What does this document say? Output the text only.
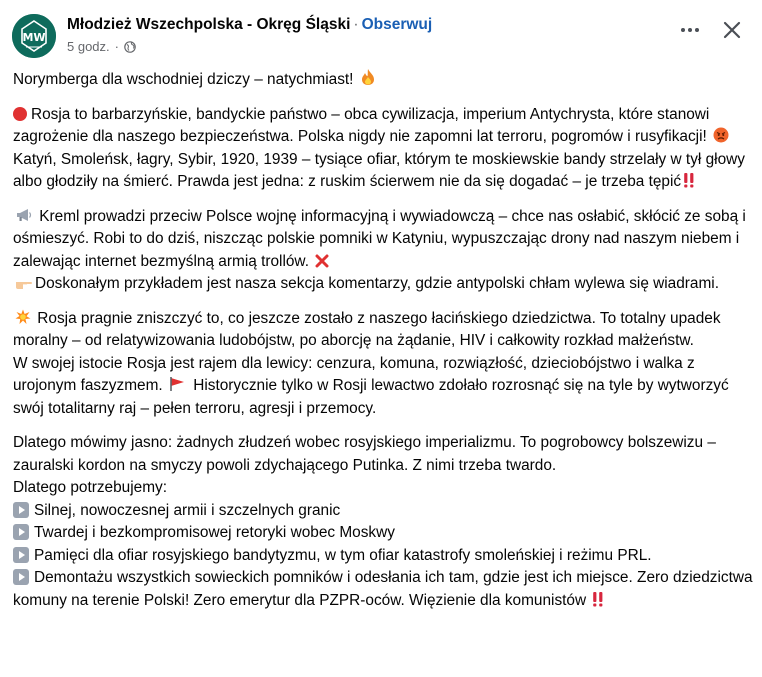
MW
Młodzież Wszechpolska - Okręg Śląski · Obserwuj
5 godz. ·

Norymberga dla wschodniej dziczy – natychmiast!

Rosja to barbarzyńskie, bandyckie państwo – obca cywilizacja, imperium Antychrysta, które stanowi zagrożenie dla naszego bezpieczeństwa. Polska nigdy nie zapomni lat terroru, pogromów i rusyfikacji!  Katyń, Smoleńsk, łagry, Sybir, 1920, 1939 – tysiące ofiar, którym te moskiewskie bandy strzelały w tył głowy albo głodziły na śmierć. Prawda jest jedna: z ruskim ścierwem nie da się dogadać – je trzeba tępić

Kreml prowadzi przeciw Polsce wojnę informacyjną i wywiadowczą – chce nas osłabić, skłócić ze sobą i ośmieszyć. Robi to do dziś, niszcząc polskie pomniki w Katyniu, wypuszczając drony nad naszym niebem i zalewając internet bezmyślną armią trollów.

Doskonałym przykładem jest nasza sekcja komentarzy, gdzie antypolski chłam wylewa się wiadrami.

Rosja pragnie zniszczyć to, co jeszcze zostało z naszego łacińskiego dziedzictwa. To totalny upadek moralny – od relatywizowania ludobójstw, po aborcję na żądanie, HIV i całkowity rozkład małżeństw.
W swojej istocie Rosja jest rajem dla lewicy: cenzura, komuna, rozwiązłość, dzieciobójstwo i walka z urojonym faszyzmem. Historycznie tylko w Rosji lewactwo zdołało rozrosnąć się na tyle by wytworzyć swój totalitarny raj – pełen terroru, agresji i przemocy.

Dlatego mówimy jasno: żadnych złudzeń wobec rosyjskiego imperializmu. To pogrobowcy bolszewizu – zauralski kordon na smyczy powoli zdychającego Putinka. Z nimi trzeba twardo.
Dlatego potrzebujemy:
Silnej, nowoczesnej armii i szczelnych granic
Twardej i bezkompromisowej retoryki wobec Moskwy
Pamięci dla ofiar rosyjskiego bandytyzmu, w tym ofiar katastrofy smoleńskiej i reżimu PRL.
Demontażu wszystkich sowieckich pomników i odesłania ich tam, gdzie jest ich miejsce. Zero dziedzictwa komuny na terenie Polski! Zero emerytur dla PZPR-oców. Więzienie dla komunistów
